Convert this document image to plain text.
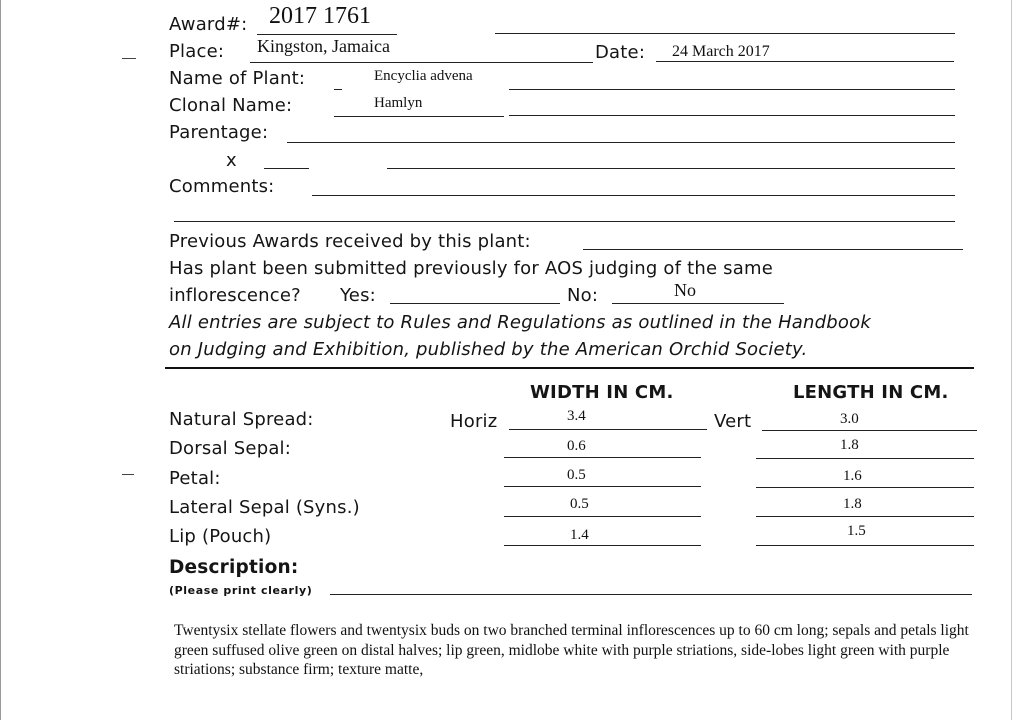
Award#: 2017 1761
Place: Kingston, Jamaica	Date: 24 March 2017
Name of Plant:	Encyclia advena
Clonal Name:	Hamlyn
Parentage:
x
Comments:
Previous Awards received by this plant:
Has plant been submitted previously for AOS judging of the same
inflorescence? Yes:	No:	No
All entries are subject to Rules and Regulations as outlined in the Handbook
on Judging and Exhibition, published by the American Orchid Society.
WIDTH IN CM.	LENGTH IN CM.
Natural Spread:	Horiz	3.4	Vert	3.0
Dorsal Sepal:	0.6	1.8
Petal:	0.5	1.6
Lateral Sepal (Syns.)	0.5	1.8
Lip (Pouch)	1.4	1.5
Description:
(Please print clearly)
Twentysix stellate flowers and twentysix buds on two branched terminal inflorescences up to 60 cm long; sepals and petals light green suffused olive green on distal halves; lip green, midlobe white with purple striations, side-lobes light green with purple striations; substance firm; texture matte,
